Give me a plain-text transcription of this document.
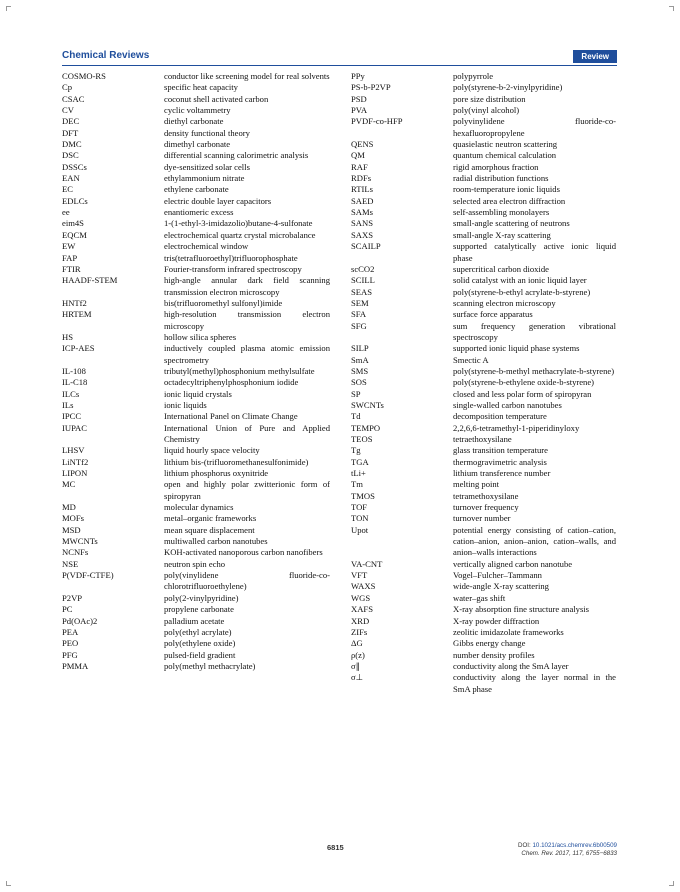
Chemical Reviews	Review
COSMO-RS	conductor like screening model for real solvents
Cp	specific heat capacity
CSAC	coconut shell activated carbon
CV	cyclic voltammetry
DEC	diethyl carbonate
DFT	density functional theory
DMC	dimethyl carbonate
DSC	differential scanning calorimetric analysis
DSSCs	dye-sensitized solar cells
EAN	ethylammonium nitrate
EC	ethylene carbonate
EDLCs	electric double layer capacitors
ee	enantiomeric excess
eim4S	1-(1-ethyl-3-imidazolio)butane-4-sulfonate
EQCM	electrochemical quartz crystal microbalance
EW	electrochemical window
FAP	tris(tetrafluoroethyl)trifluorophosphate
FTIR	Fourier-transform infrared spectroscopy
HAADF-STEM	high-angle annular dark field scanning transmission electron microscopy
HNTf2	bis(trifluoromethyl sulfonyl)imide
HRTEM	high-resolution transmission electron microscopy
HS	hollow silica spheres
ICP-AES	inductively coupled plasma atomic emission spectrometry
IL-108	tributyl(methyl)phosphonium methylsulfate
IL-C18	octadecyltriphenylphosphonium iodide
ILCs	ionic liquid crystals
ILs	ionic liquids
IPCC	International Panel on Climate Change
IUPAC	International Union of Pure and Applied Chemistry
LHSV	liquid hourly space velocity
LiNTf2	lithium bis-(trifluoromethanesulfonimide)
LIPON	lithium phosphorus oxynitride
MC	open and highly polar zwitterionic form of spiropyran
MD	molecular dynamics
MOFs	metal–organic frameworks
MSD	mean square displacement
MWCNTs	multiwalled carbon nanotubes
NCNFs	KOH-activated nanoporous carbon nanofibers
NSE	neutron spin echo
P(VDF-CTFE)	poly(vinylidene fluoride-co-chlorotrifluoroethylene)
P2VP	poly(2-vinylpyridine)
PC	propylene carbonate
Pd(OAc)2	palladium acetate
PEA	poly(ethyl acrylate)
PEO	poly(ethylene oxide)
PFG	pulsed-field gradient
PMMA	poly(methyl methacrylate)
PPy	polypyrrole
PS-b-P2VP	poly(styrene-b-2-vinylpyridine)
PSD	pore size distribution
PVA	poly(vinyl alcohol)
PVDF-co-HFP	polyvinylidene fluoride-co-hexafluoropropylene
QENS	quasielastic neutron scattering
QM	quantum chemical calculation
RAF	rigid amorphous fraction
RDFs	radial distribution functions
RTILs	room-temperature ionic liquids
SAED	selected area electron diffraction
SAMs	self-assembling monolayers
SANS	small-angle scattering of neutrons
SAXS	small-angle X-ray scattering
SCAILP	supported catalytically active ionic liquid phase
scCO2	supercritical carbon dioxide
SCILL	solid catalyst with an ionic liquid layer
SEAS	poly(styrene-b-ethyl acrylate-b-styrene)
SEM	scanning electron microscopy
SFA	surface force apparatus
SFG	sum frequency generation vibrational spectroscopy
SILP	supported ionic liquid phase systems
SmA	Smectic A
SMS	poly(styrene-b-methyl methacrylate-b-styrene)
SOS	poly(styrene-b-ethylene oxide-b-styrene)
SP	closed and less polar form of spiropyran
SWCNTs	single-walled carbon nanotubes
Td	decomposition temperature
TEMPO	2,2,6,6-tetramethyl-1-piperidinyloxy
TEOS	tetraethoxysilane
Tg	glass transition temperature
TGA	thermogravimetric analysis
tLi+	lithium transference number
Tm	melting point
TMOS	tetramethoxysilane
TOF	turnover frequency
TON	turnover number
Upot	potential energy consisting of cation–cation, cation–anion, anion–anion, cation–walls, and anion–walls interactions
VA-CNT	vertically aligned carbon nanotube
VFT	Vogel–Fulcher–Tammann
WAXS	wide-angle X-ray scattering
WGS	water–gas shift
XAFS	X-ray absorption fine structure analysis
XRD	X-ray powder diffraction
ZIFs	zeolitic imidazolate frameworks
ΔG	Gibbs energy change
ρ(z)	number density profiles
σ∥	conductivity along the SmA layer
σ⊥	conductivity along the layer normal in the SmA phase
6815	DOI: 10.1021/acs.chemrev.6b00509
Chem. Rev. 2017, 117, 6755−6833
